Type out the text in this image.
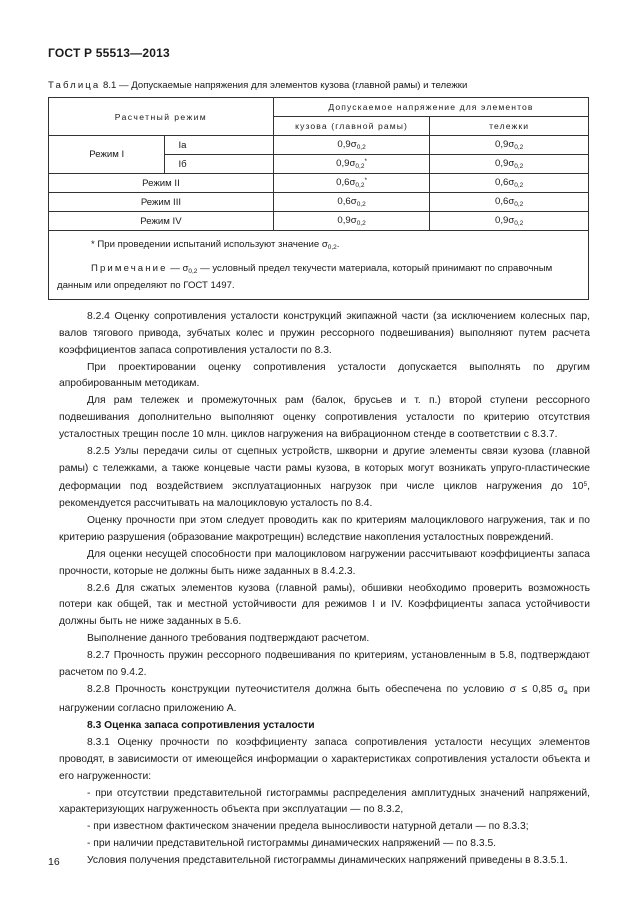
ГОСТ Р 55513—2013
Таблица 8.1 — Допускаемые напряжения для элементов кузова (главной рамы) и тележки
Расчетный режим		Допускаемое напряжение для элементов	
		кузова (главной рамы)	тележки
Режим I	Iа	$0,9\sigma_{0,2}$	$0,9\sigma_{0,2}$
	Iб	$0,9\sigma_{0,2}^*$	$0,9\sigma_{0,2}$
Режим II		$0,6\sigma_{0,2}^*$	$0,6\sigma_{0,2}$
Режим III		$0,6\sigma_{0,2}$	$0,6\sigma_{0,2}$
Режим IV		$0,9\sigma_{0,2}$	$0,9\sigma_{0,2}$

* При проведении испытаний используют значение $\sigma_{0,2}$.
Примечание — $\sigma_{0,2}$ — условный предел текучести материала, который принимают по справочным данным или определяют по ГОСТ 1497.			

8.2.4 Оценку сопротивления усталости конструкций экипажной части (за исключением колесных пар, валов тягового привода, зубчатых колес и пружин рессорного подвешивания) выполняют путем расчета коэффициентов запаса сопротивления усталости по 8.3.

При проектировании оценку сопротивления усталости допускается выполнять по другим апробированным методикам.

Для рам тележек и промежуточных рам (балок, брусьев и т. п.) второй ступени рессорного подвешивания дополнительно выполняют оценку сопротивления усталости по критерию отсутствия усталостных трещин после 10 млн. циклов нагружения на вибрационном стенде в соответствии с 8.3.7.

8.2.5 Узлы передачи силы от сцепных устройств, шкворни и другие элементы связи кузова (главной рамы) с тележками, а также концевые части рамы кузова, в которых могут возникать упруго-пластические деформации под воздействием эксплуатационных нагрузок при числе циклов нагружения до $10^5$, рекомендуется рассчитывать на малоцикловую усталость по 8.4.

Оценку прочности при этом следует проводить как по критериям малоциклового нагружения, так и по критерию разрушения (образование макротрещин) вследствие накопления усталостных повреждений.

Для оценки несущей способности при малоцикловом нагружении рассчитывают коэффициенты запаса прочности, которые не должны быть ниже заданных в 8.4.2.3.

8.2.6 Для сжатых элементов кузова (главной рамы), обшивки необходимо проверить возможность потери как общей, так и местной устойчивости для режимов I и IV. Коэффициенты запаса устойчивости должны быть не ниже заданных в 5.6.

Выполнение данного требования подтверждают расчетом.

8.2.7 Прочность пружин рессорного подвешивания по критериям, установленным в 5.8, подтверждают расчетом по 9.4.2.

8.2.8 Прочность конструкции путеочистителя должна быть обеспечена по условию σ ≤ 0,85 $\sigma_в$ при нагружении согласно приложению А.

8.3 Оценка запаса сопротивления усталости

8.3.1 Оценку прочности по коэффициенту запаса сопротивления усталости несущих элементов проводят, в зависимости от имеющейся информации о характеристиках сопротивления усталости объекта и его нагруженности:

- при отсутствии представительной гистограммы распределения амплитудных значений напряжений, характеризующих нагруженность объекта при эксплуатации — по 8.3.2,

- при известном фактическом значении предела выносливости натурной детали — по 8.3.3;

- при наличии представительной гистограммы динамических напряжений — по 8.3.5.

Условия получения представительной гистограммы динамических напряжений приведены в 8.3.5.1.

16
